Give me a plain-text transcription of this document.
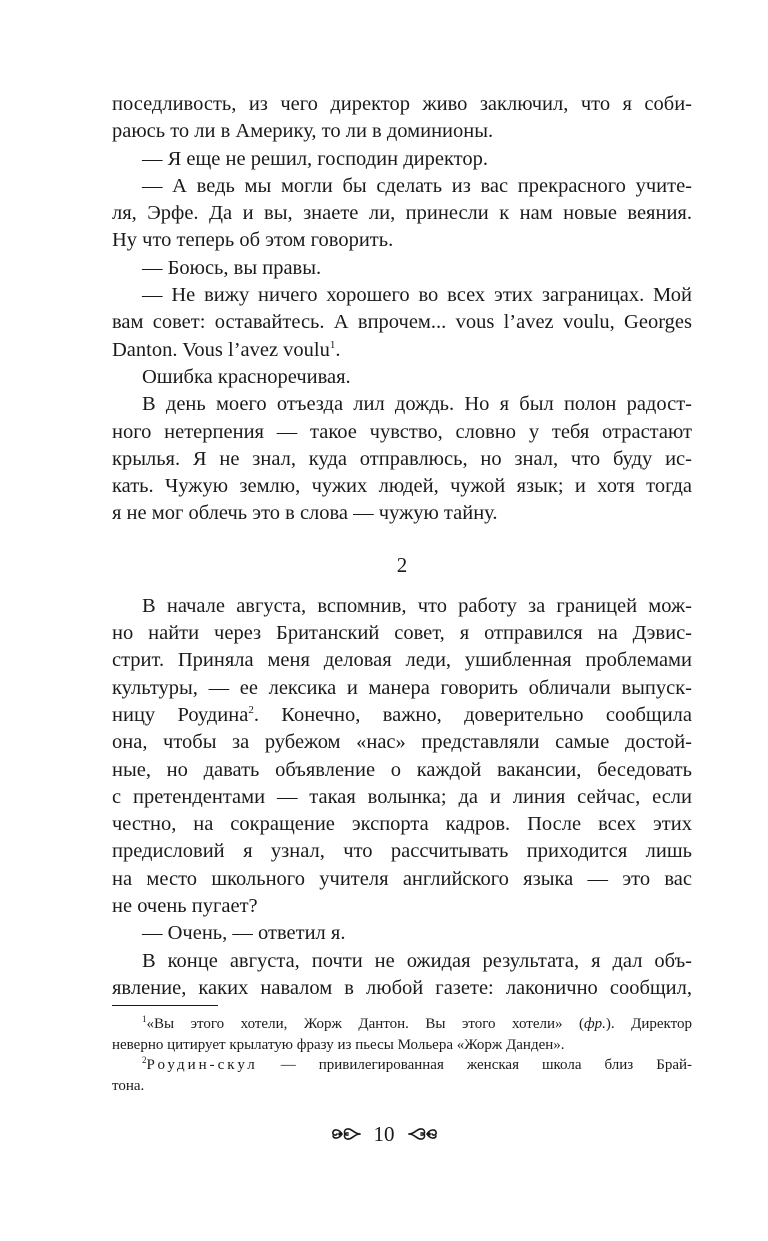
поседливость, из чего директор живо заключил, что я соби-
раюсь то ли в Америку, то ли в доминионы.
— Я еще не решил, господин директор.
— А ведь мы могли бы сделать из вас прекрасного учите-
ля, Эрфе. Да и вы, знаете ли, принесли к нам новые веяния.
Ну что теперь об этом говорить.
— Боюсь, вы правы.
— Не вижу ничего хорошего во всех этих заграницах. Мой
вам совет: оставайтесь. А впрочем... vous l’avez voulu, Georges
Danton. Vous l’avez voulu$^1$.
Ошибка красноречивая.
В день моего отъезда лил дождь. Но я был полон радост-
ного нетерпения — такое чувство, словно у тебя отрастают
крылья. Я не знал, куда отправлюсь, но знал, что буду ис-
кать. Чужую землю, чужих людей, чужой язык; и хотя тогда
я не мог облечь это в слова — чужую тайну.
2
В начале августа, вспомнив, что работу за границей мож-
но найти через Британский совет, я отправился на Дэвис-
стрит. Приняла меня деловая леди, ушибленная проблемами
культуры, — ее лексика и манера говорить обличали выпуск-
ницу Роудина$^2$. Конечно, важно, доверительно сообщила
она, чтобы за рубежом «нас» представляли самые достой-
ные, но давать объявление о каждой вакансии, беседовать
с претендентами — такая волынка; да и линия сейчас, если
честно, на сокращение экспорта кадров. После всех этих
предисловий я узнал, что рассчитывать приходится лишь
на место школьного учителя английского языка — это вас
не очень пугает?
— Очень, — ответил я.
В конце августа, почти не ожидая результата, я дал объ-
явление, каких навалом в любой газете: лаконично сообщил,
$^1$«Вы этого хотели, Жорж Дантон. Вы этого хотели» (фр.). Директор
неверно цитирует крылатую фразу из пьесы Мольера «Жорж Данден».
$^2$Роудин-скул — привилегированная женская школа близ Брай-
тона.
10
